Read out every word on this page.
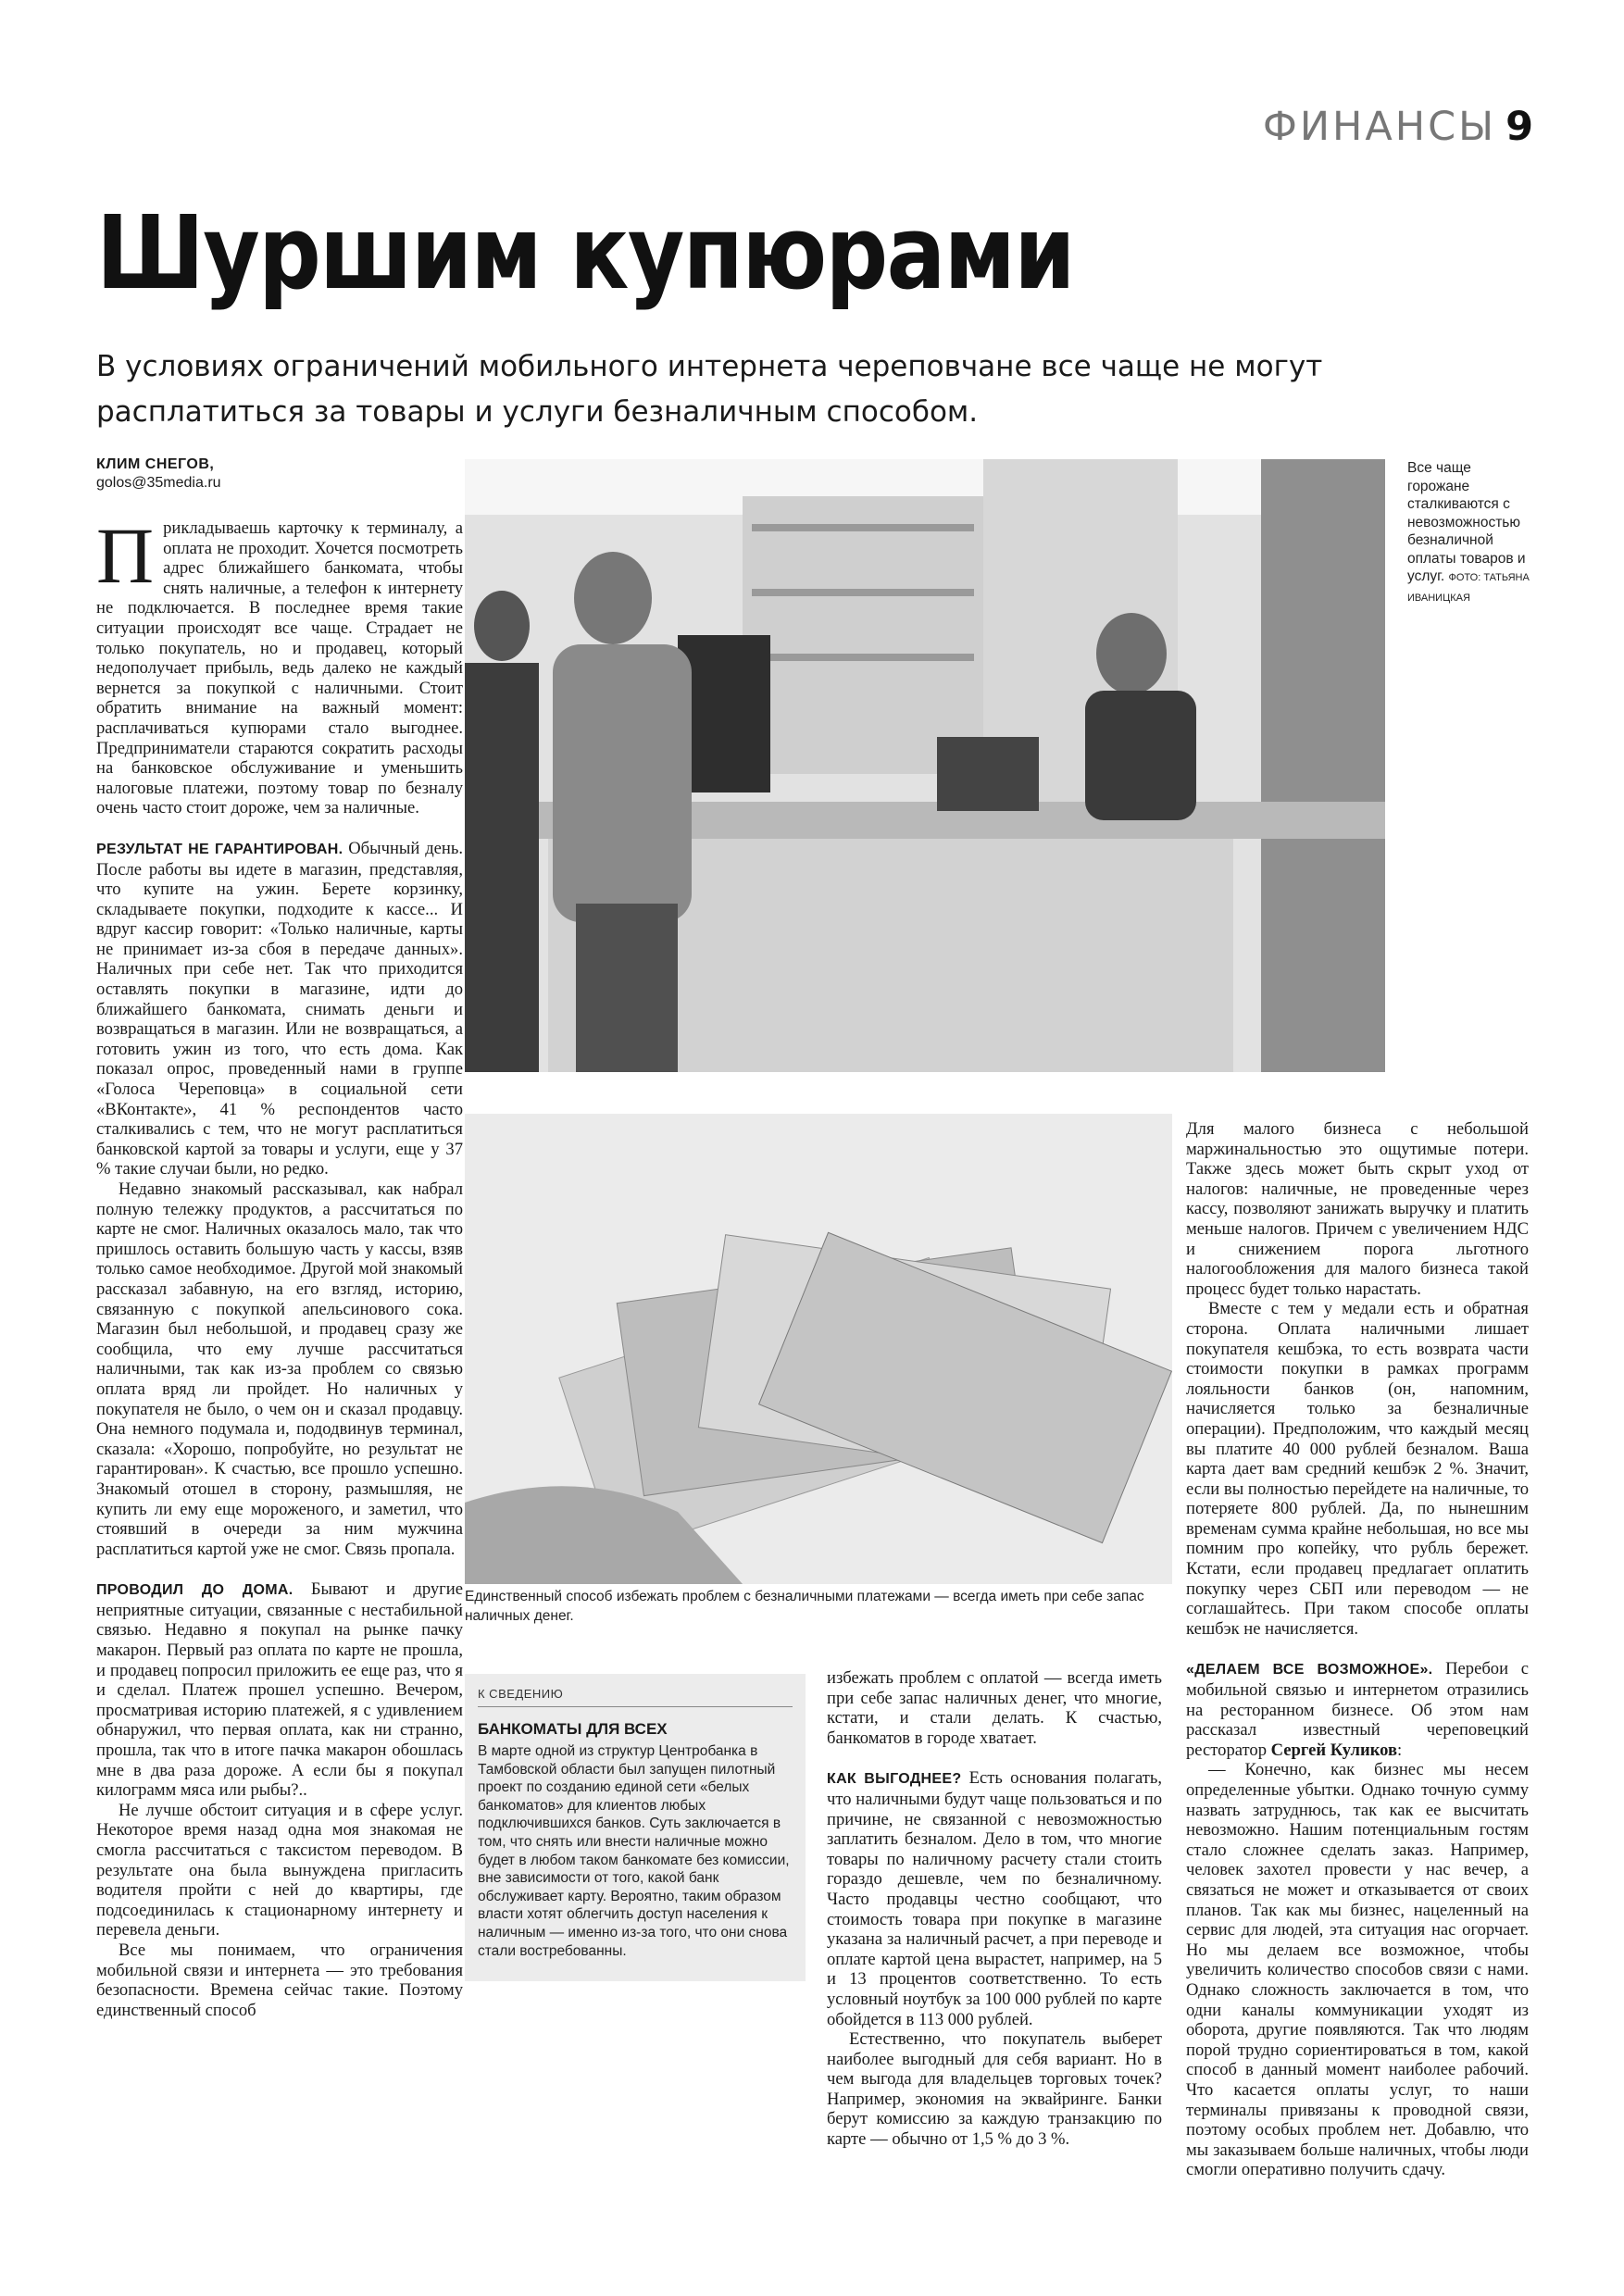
ФИНАНСЫ 9
Шуршим купюрами
В условиях ограничений мобильного интернета череповчане все чаще не могут расплатиться за товары и услуги безналичным способом.
КЛИМ СНЕГОВ,
golos@35media.ru

Прикладываешь карточку к терминалу, а оплата не проходит. Хочется посмотреть адрес ближайшего банкомата, чтобы снять наличные, а телефон к интернету не подключается. В последнее время такие ситуации происходят все чаще. Страдает не только покупатель, но и продавец, который недополучает прибыль, ведь далеко не каждый вернется за покупкой с наличными. Стоит обратить внимание на важный момент: расплачиваться купюрами стало выгоднее. Предприниматели стараются сократить расходы на банковское обслуживание и уменьшить налоговые платежи, поэтому товар по безналу очень часто стоит дороже, чем за наличные.

РЕЗУЛЬТАТ НЕ ГАРАНТИРОВАН. Обычный день. После работы вы идете в магазин, представляя, что купите на ужин. Берете корзинку, складываете покупки, подходите к кассе... И вдруг кассир говорит: «Только наличные, карты не принимает из-за сбоя в передаче данных». Наличных при себе нет. Так что приходится оставлять покупки в магазине, идти до ближайшего банкомата, снимать деньги и возвращаться в магазин. Или не возвращаться, а готовить ужин из того, что есть дома. Как показал опрос, проведенный нами в группе «Голоса Череповца» в социальной сети «ВКонтакте», 41 % респондентов часто сталкивались с тем, что не могут расплатиться банковской картой за товары и услуги, еще у 37 % такие случаи были, но редко.

Недавно знакомый рассказывал, как набрал полную тележку продуктов, а рассчитаться по карте не смог. Наличных оказалось мало, так что пришлось оставить большую часть у кассы, взяв только самое необходимое. Другой мой знакомый рассказал забавную, на его взгляд, историю, связанную с покупкой апельсинового сока. Магазин был небольшой, и продавец сразу же сообщила, что ему лучше рассчитаться наличными, так как из-за проблем со связью оплата вряд ли пройдет. Но наличных у покупателя не было, о чем он и сказал продавцу. Она немного подумала и, пододвинув терминал, сказала: «Хорошо, попробуйте, но результат не гарантирован». К счастью, все прошло успешно. Знакомый отошел в сторону, размышляя, не купить ли ему еще мороженого, и заметил, что стоявший в очереди за ним мужчина расплатиться картой уже не смог. Связь пропала.

ПРОВОДИЛ ДО ДОМА. Бывают и другие неприятные ситуации, связанные с нестабильной связью. Недавно я покупал на рынке пачку макарон. Первый раз оплата по карте не прошла, и продавец попросил приложить ее еще раз, что я и сделал. Платеж прошел успешно. Вечером, просматривая историю платежей, я с удивлением обнаружил, что первая оплата, как ни странно, прошла, так что в итоге пачка макарон обошлась мне в два раза дороже. А если бы я покупал килограмм мяса или рыбы?..

Не лучше обстоит ситуация и в сфере услуг. Некоторое время назад одна моя знакомая не смогла рассчитаться с таксистом переводом. В результате она была вынуждена пригласить водителя пройти с ней до квартиры, где подсоединилась к стационарному интернету и перевела деньги.

Все мы понимаем, что ограничения мобильной связи и интернета — это требования безопасности. Времена сейчас такие. Поэтому единственный способ

Все чаще горожане сталкиваются с невозможностью безналичной оплаты товаров и услуг. ФОТО: ТАТЬЯНА ИВАНИЦКАЯ
Единственный способ избежать проблем с безналичными платежами — всегда иметь при себе запас наличных денег.
К СВЕДЕНИЮ
БАНКОМАТЫ ДЛЯ ВСЕХ
В марте одной из структур Центробанка в Тамбовской области был запущен пилотный проект по созданию единой сети «белых банкоматов» для клиентов любых подключившихся банков. Суть заключается в том, что снять или внести наличные можно будет в любом таком банкомате без комиссии, вне зависимости от того, какой банк обслуживает карту. Вероятно, таким образом власти хотят облегчить доступ населения к наличным — именно из-за того, что они снова стали востребованны.

избежать проблем с оплатой — всегда иметь при себе запас наличных денег, что многие, кстати, и стали делать. К счастью, банкоматов в городе хватает.

КАК ВЫГОДНЕЕ? Есть основания полагать, что наличными будут чаще пользоваться и по причине, не связанной с невозможностью заплатить безналом. Дело в том, что многие товары по наличному расчету стали стоить гораздо дешевле, чем по безналичному. Часто продавцы честно сообщают, что стоимость товара при покупке в магазине указана за наличный расчет, а при переводе и оплате картой цена вырастет, например, на 5 и 13 процентов соответственно. То есть условный ноутбук за 100 000 рублей по карте обойдется в 113 000 рублей.

Естественно, что покупатель выберет наиболее выгодный для себя вариант. Но в чем выгода для владельцев торговых точек? Например, экономия на эквайринге. Банки берут комиссию за каждую транзакцию по карте — обычно от 1,5 % до 3 %.

Для малого бизнеса с небольшой маржинальностью это ощутимые потери. Также здесь может быть скрыт уход от налогов: наличные, не проведенные через кассу, позволяют занижать выручку и платить меньше налогов. Причем с увеличением НДС и снижением порога льготного налогообложения для малого бизнеса такой процесс будет только нарастать.

Вместе с тем у медали есть и обратная сторона. Оплата наличными лишает покупателя кешбэка, то есть возврата части стоимости покупки в рамках программ лояльности банков (он, напомним, начисляется только за безналичные операции). Предположим, что каждый месяц вы платите 40 000 рублей безналом. Ваша карта дает вам средний кешбэк 2 %. Значит, если вы полностью перейдете на наличные, то потеряете 800 рублей. Да, по нынешним временам сумма крайне небольшая, но все мы помним про копейку, что рубль бережет. Кстати, если продавец предлагает оплатить покупку через СБП или переводом — не соглашайтесь. При таком способе оплаты кешбэк не начисляется.

«ДЕЛАЕМ ВСЕ ВОЗМОЖНОЕ». Перебои с мобильной связью и интернетом отразились на ресторанном бизнесе. Об этом нам рассказал известный череповецкий ресторатор Сергей Куликов:

— Конечно, как бизнес мы несем определенные убытки. Однако точную сумму назвать затруднюсь, так как ее высчитать невозможно. Нашим потенциальным гостям стало сложнее сделать заказ. Например, человек захотел провести у нас вечер, а связаться не может и отказывается от своих планов. Так как мы бизнес, нацеленный на сервис для людей, эта ситуация нас огорчает. Но мы делаем все возможное, чтобы увеличить количество способов связи с нами. Однако сложность заключается в том, что одни каналы коммуникации уходят из оборота, другие появляются. Так что людям порой трудно сориентироваться в том, какой способ в данный момент наиболее рабочий. Что касается оплаты услуг, то наши терминалы привязаны к проводной связи, поэтому особых проблем нет. Добавлю, что мы заказываем больше наличных, чтобы люди смогли оперативно получить сдачу.
